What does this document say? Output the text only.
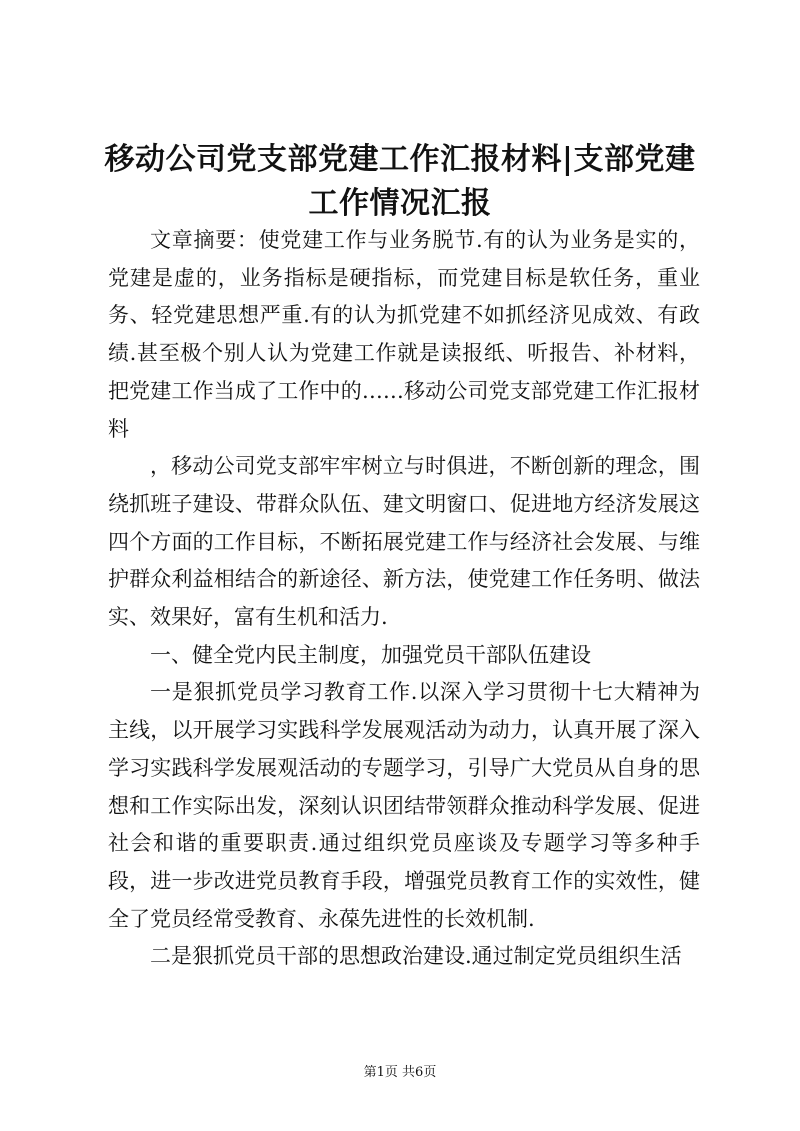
移动公司党支部党建工作汇报材料|支部党建工作情况汇报

文章摘要：使党建工作与业务脱节.有的认为业务是实的，党建是虚的，业务指标是硬指标，而党建目标是软任务，重业务、轻党建思想严重.有的认为抓党建不如抓经济见成效、有政绩.甚至极个别人认为党建工作就是读报纸、听报告、补材料，把党建工作当成了工作中的……移动公司党支部党建工作汇报材料

，移动公司党支部牢牢树立与时俱进，不断创新的理念，围绕抓班子建设、带群众队伍、建文明窗口、促进地方经济发展这四个方面的工作目标，不断拓展党建工作与经济社会发展、与维护群众利益相结合的新途径、新方法，使党建工作任务明、做法实、效果好，富有生机和活力.

一、健全党内民主制度，加强党员干部队伍建设

一是狠抓党员学习教育工作.以深入学习贯彻十七大精神为主线，以开展学习实践科学发展观活动为动力，认真开展了深入学习实践科学发展观活动的专题学习，引导广大党员从自身的思想和工作实际出发，深刻认识团结带领群众推动科学发展、促进社会和谐的重要职责.通过组织党员座谈及专题学习等多种手段，进一步改进党员教育手段，增强党员教育工作的实效性，健全了党员经常受教育、永葆先进性的长效机制.

二是狠抓党员干部的思想政治建设.通过制定党员组织生活

第1页 共6页
